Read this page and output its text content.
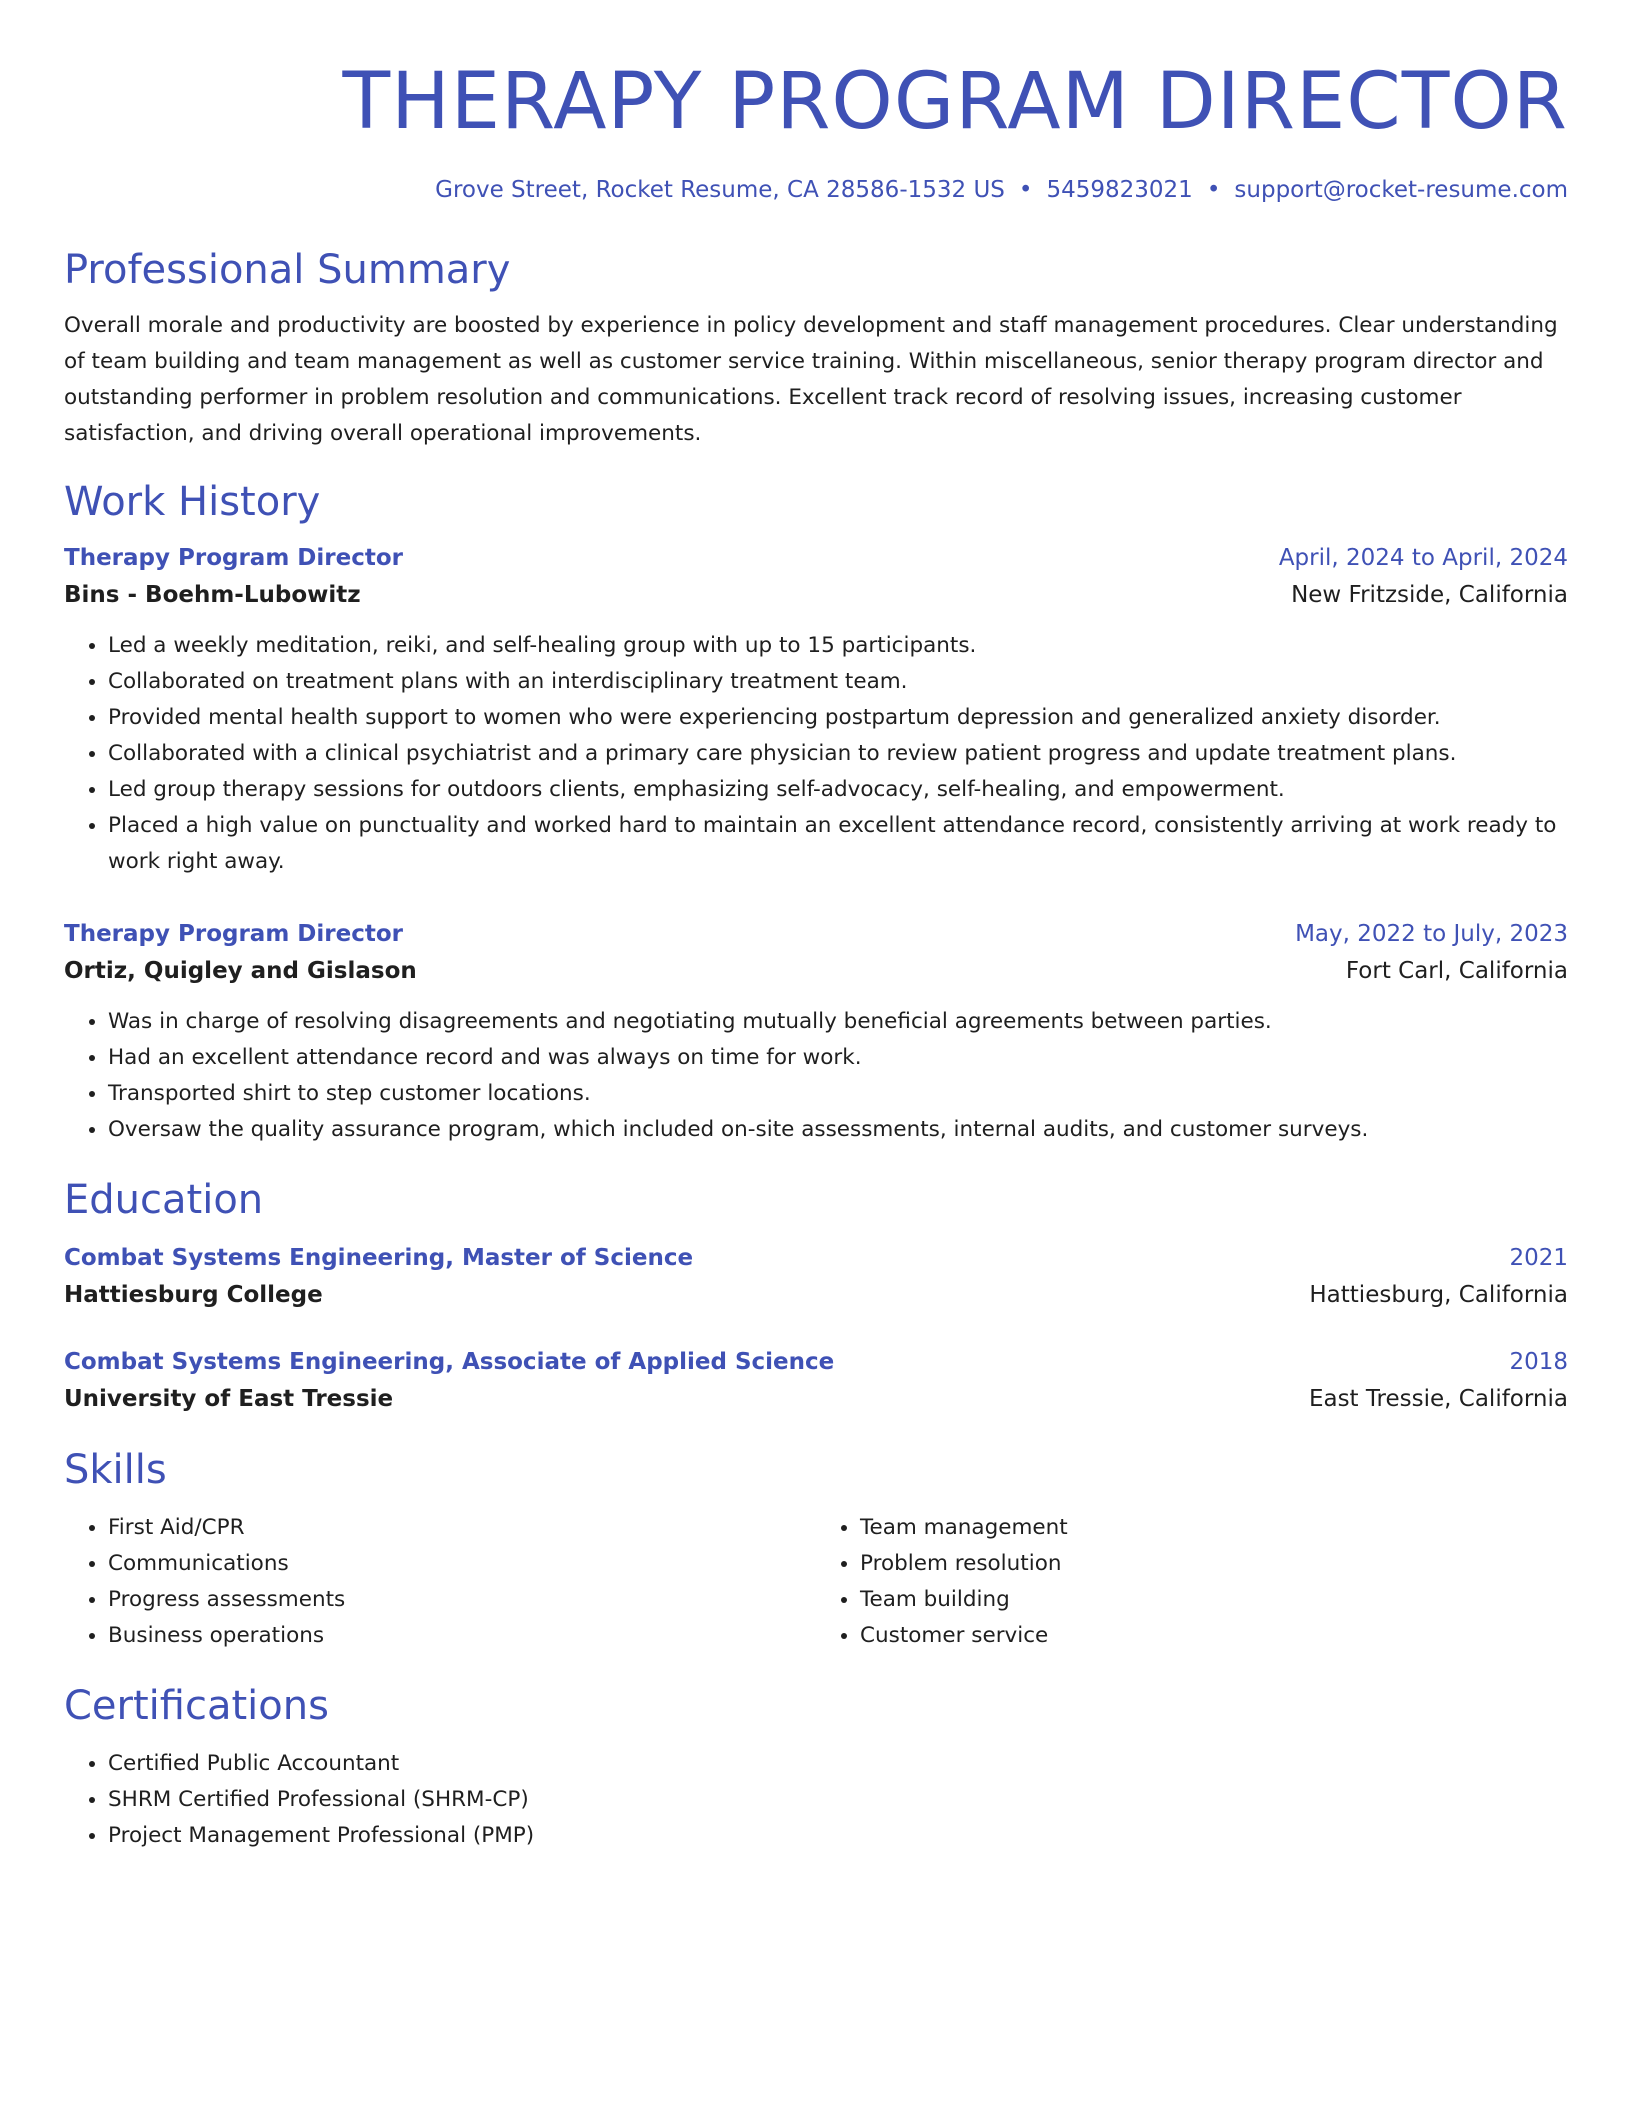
THERAPY PROGRAM DIRECTOR
Grove Street, Rocket Resume, CA 28586-1532 US • 5459823021 • support@rocket-resume.com
Professional Summary
Overall morale and productivity are boosted by experience in policy development and staff management procedures. Clear understanding of team building and team management as well as customer service training. Within miscellaneous, senior therapy program director and outstanding performer in problem resolution and communications. Excellent track record of resolving issues, increasing customer satisfaction, and driving overall operational improvements.
Work History
Therapy Program Director	April, 2024 to April, 2024
Bins - Boehm-Lubowitz	New Fritzside, California
• Led a weekly meditation, reiki, and self-healing group with up to 15 participants.
• Collaborated on treatment plans with an interdisciplinary treatment team.
• Provided mental health support to women who were experiencing postpartum depression and generalized anxiety disorder.
• Collaborated with a clinical psychiatrist and a primary care physician to review patient progress and update treatment plans.
• Led group therapy sessions for outdoors clients, emphasizing self-advocacy, self-healing, and empowerment.
• Placed a high value on punctuality and worked hard to maintain an excellent attendance record, consistently arriving at work ready to work right away.
Therapy Program Director	May, 2022 to July, 2023
Ortiz, Quigley and Gislason	Fort Carl, California
• Was in charge of resolving disagreements and negotiating mutually beneficial agreements between parties.
• Had an excellent attendance record and was always on time for work.
• Transported shirt to step customer locations.
• Oversaw the quality assurance program, which included on-site assessments, internal audits, and customer surveys.
Education
Combat Systems Engineering, Master of Science	2021
Hattiesburg College	Hattiesburg, California
Combat Systems Engineering, Associate of Applied Science	2018
University of East Tressie	East Tressie, California
Skills
• First Aid/CPR
• Communications
• Progress assessments
• Business operations
• Team management
• Problem resolution
• Team building
• Customer service
Certifications
• Certified Public Accountant
• SHRM Certified Professional (SHRM-CP)
• Project Management Professional (PMP)
